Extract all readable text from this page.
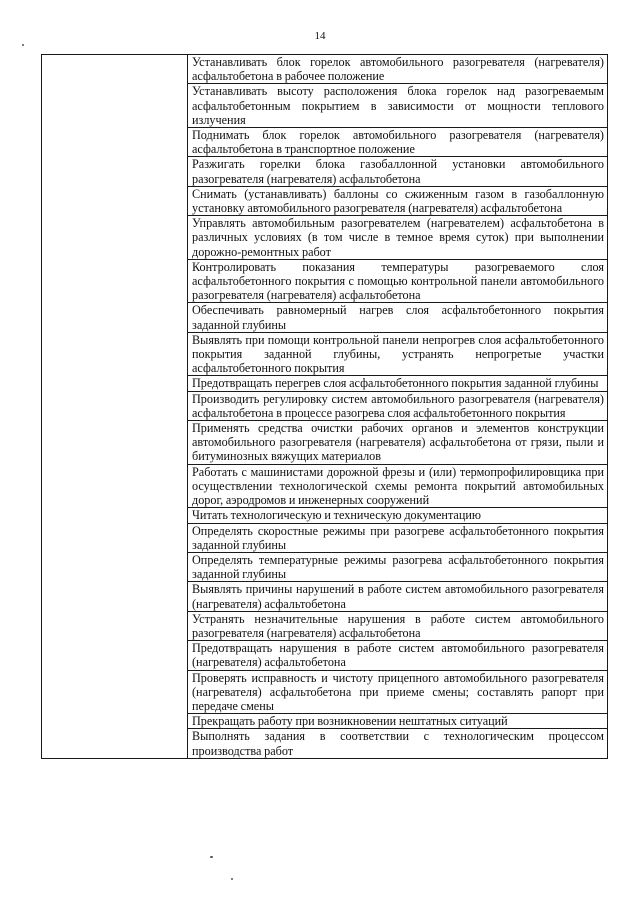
14

Устанавливать блок горелок автомобильного разогревателя (нагревателя) асфальтобетона в рабочее положение

Устанавливать высоту расположения блока горелок над разогреваемым асфальтобетонным покрытием в зависимости от мощности теплового излучения

Поднимать блок горелок автомобильного разогревателя (нагревателя) асфальтобетона в транспортное положение

Разжигать горелки блока газобаллонной установки автомобильного разогревателя (нагревателя) асфальтобетона

Снимать (устанавливать) баллоны со сжиженным газом в газобаллонную установку автомобильного разогревателя (нагревателя) асфальтобетона

Управлять автомобильным разогревателем (нагревателем) асфальтобетона в различных условиях (в том числе в темное время суток) при выполнении дорожно-ремонтных работ

Контролировать показания температуры разогреваемого слоя асфальтобетонного покрытия с помощью контрольной панели автомобильного разогревателя (нагревателя) асфальтобетона

Обеспечивать равномерный нагрев слоя асфальтобетонного покрытия заданной глубины

Выявлять при помощи контрольной панели непрогрев слоя асфальтобетонного покрытия заданной глубины, устранять непрогретые участки асфальтобетонного покрытия

Предотвращать перегрев слоя асфальтобетонного покрытия заданной глубины

Производить регулировку систем автомобильного разогревателя (нагревателя) асфальтобетона в процессе разогрева слоя асфальтобетонного покрытия

Применять средства очистки рабочих органов и элементов конструкции автомобильного разогревателя (нагревателя) асфальтобетона от грязи, пыли и битуминозных вяжущих материалов

Работать с машинистами дорожной фрезы и (или) термопрофилировщика при осуществлении технологической схемы ремонта покрытий автомобильных дорог, аэродромов и инженерных сооружений

Читать технологическую и техническую документацию

Определять скоростные режимы при разогреве асфальтобетонного покрытия заданной глубины

Определять температурные режимы разогрева асфальтобетонного покрытия заданной глубины

Выявлять причины нарушений в работе систем автомобильного разогревателя (нагревателя) асфальтобетона

Устранять незначительные нарушения в работе систем автомобильного разогревателя (нагревателя) асфальтобетона

Предотвращать нарушения в работе систем автомобильного разогревателя (нагревателя) асфальтобетона

Проверять исправность и чистоту прицепного автомобильного разогревателя (нагревателя) асфальтобетона при приеме смены; составлять рапорт при передаче смены

Прекращать работу при возникновении нештатных ситуаций

Выполнять задания в соответствии с технологическим процессом производства работ
